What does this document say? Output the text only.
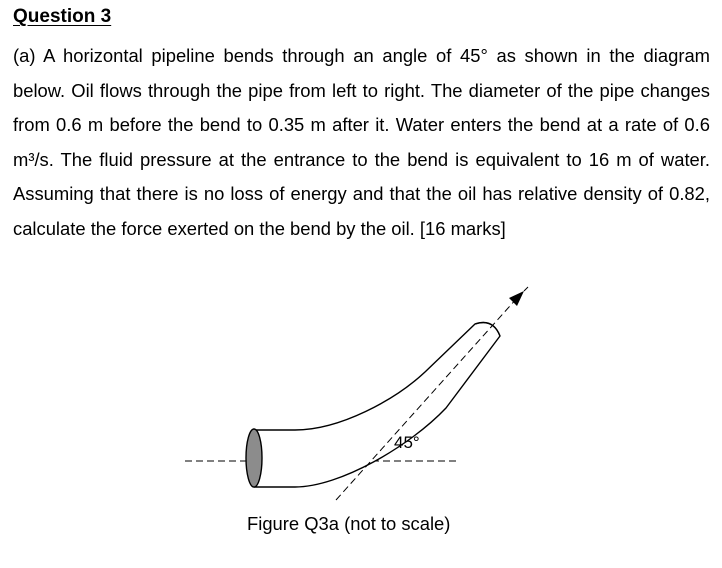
Question 3

(a) A horizontal pipeline bends through an angle of 45° as shown in the diagram below. Oil flows through the pipe from left to right. The diameter of the pipe changes from 0.6 m before the bend to 0.35 m after it. Water enters the bend at a rate of 0.6 m³/s. The fluid pressure at the entrance to the bend is equivalent to 16 m of water. Assuming that there is no loss of energy and that the oil has relative density of 0.82, calculate the force exerted on the bend by the oil. [16 marks]

45°

Figure Q3a (not to scale)
